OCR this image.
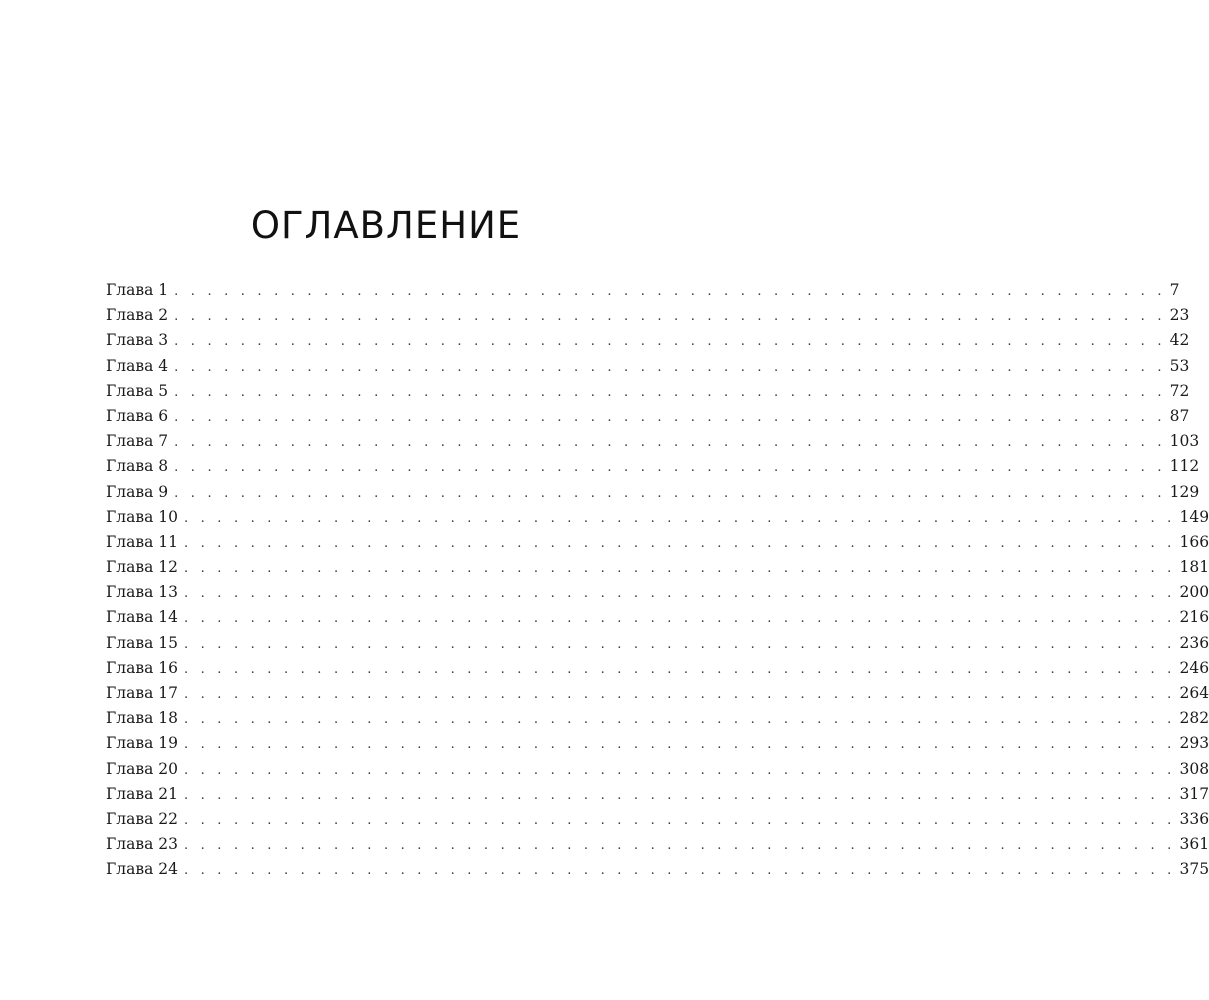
ОГЛАВЛЕНИЕ
Глава 1 . . . . . . . . . . . . . . . . . . . . . . . . . . . . . . . . . . . . . . . . . . . . . . . . . . . . . . . . . . . . 7
Глава 2 . . . . . . . . . . . . . . . . . . . . . . . . . . . . . . . . . . . . . . . . . . . . . . . . . . . . . . . . . . . . 23
Глава 3 . . . . . . . . . . . . . . . . . . . . . . . . . . . . . . . . . . . . . . . . . . . . . . . . . . . . . . . . . . . . 42
Глава 4 . . . . . . . . . . . . . . . . . . . . . . . . . . . . . . . . . . . . . . . . . . . . . . . . . . . . . . . . . . . . 53
Глава 5 . . . . . . . . . . . . . . . . . . . . . . . . . . . . . . . . . . . . . . . . . . . . . . . . . . . . . . . . . . . . 72
Глава 6 . . . . . . . . . . . . . . . . . . . . . . . . . . . . . . . . . . . . . . . . . . . . . . . . . . . . . . . . . . . . 87
Глава 7 . . . . . . . . . . . . . . . . . . . . . . . . . . . . . . . . . . . . . . . . . . . . . . . . . . . . . . . . . . . . 103
Глава 8 . . . . . . . . . . . . . . . . . . . . . . . . . . . . . . . . . . . . . . . . . . . . . . . . . . . . . . . . . . . . 112
Глава 9 . . . . . . . . . . . . . . . . . . . . . . . . . . . . . . . . . . . . . . . . . . . . . . . . . . . . . . . . . . . . 129
Глава 10 . . . . . . . . . . . . . . . . . . . . . . . . . . . . . . . . . . . . . . . . . . . . . . . . . . . . . . . . . . . . 149
Глава 11 . . . . . . . . . . . . . . . . . . . . . . . . . . . . . . . . . . . . . . . . . . . . . . . . . . . . . . . . . . . . 166
Глава 12 . . . . . . . . . . . . . . . . . . . . . . . . . . . . . . . . . . . . . . . . . . . . . . . . . . . . . . . . . . . . 181
Глава 13 . . . . . . . . . . . . . . . . . . . . . . . . . . . . . . . . . . . . . . . . . . . . . . . . . . . . . . . . . . . . 200
Глава 14 . . . . . . . . . . . . . . . . . . . . . . . . . . . . . . . . . . . . . . . . . . . . . . . . . . . . . . . . . . . . 216
Глава 15 . . . . . . . . . . . . . . . . . . . . . . . . . . . . . . . . . . . . . . . . . . . . . . . . . . . . . . . . . . . . 236
Глава 16 . . . . . . . . . . . . . . . . . . . . . . . . . . . . . . . . . . . . . . . . . . . . . . . . . . . . . . . . . . . . 246
Глава 17 . . . . . . . . . . . . . . . . . . . . . . . . . . . . . . . . . . . . . . . . . . . . . . . . . . . . . . . . . . . . 264
Глава 18 . . . . . . . . . . . . . . . . . . . . . . . . . . . . . . . . . . . . . . . . . . . . . . . . . . . . . . . . . . . . 282
Глава 19 . . . . . . . . . . . . . . . . . . . . . . . . . . . . . . . . . . . . . . . . . . . . . . . . . . . . . . . . . . . . 293
Глава 20 . . . . . . . . . . . . . . . . . . . . . . . . . . . . . . . . . . . . . . . . . . . . . . . . . . . . . . . . . . . . 308
Глава 21 . . . . . . . . . . . . . . . . . . . . . . . . . . . . . . . . . . . . . . . . . . . . . . . . . . . . . . . . . . . . 317
Глава 22 . . . . . . . . . . . . . . . . . . . . . . . . . . . . . . . . . . . . . . . . . . . . . . . . . . . . . . . . . . . . 336
Глава 23 . . . . . . . . . . . . . . . . . . . . . . . . . . . . . . . . . . . . . . . . . . . . . . . . . . . . . . . . . . . . 361
Глава 24 . . . . . . . . . . . . . . . . . . . . . . . . . . . . . . . . . . . . . . . . . . . . . . . . . . . . . . . . . . . . 375
